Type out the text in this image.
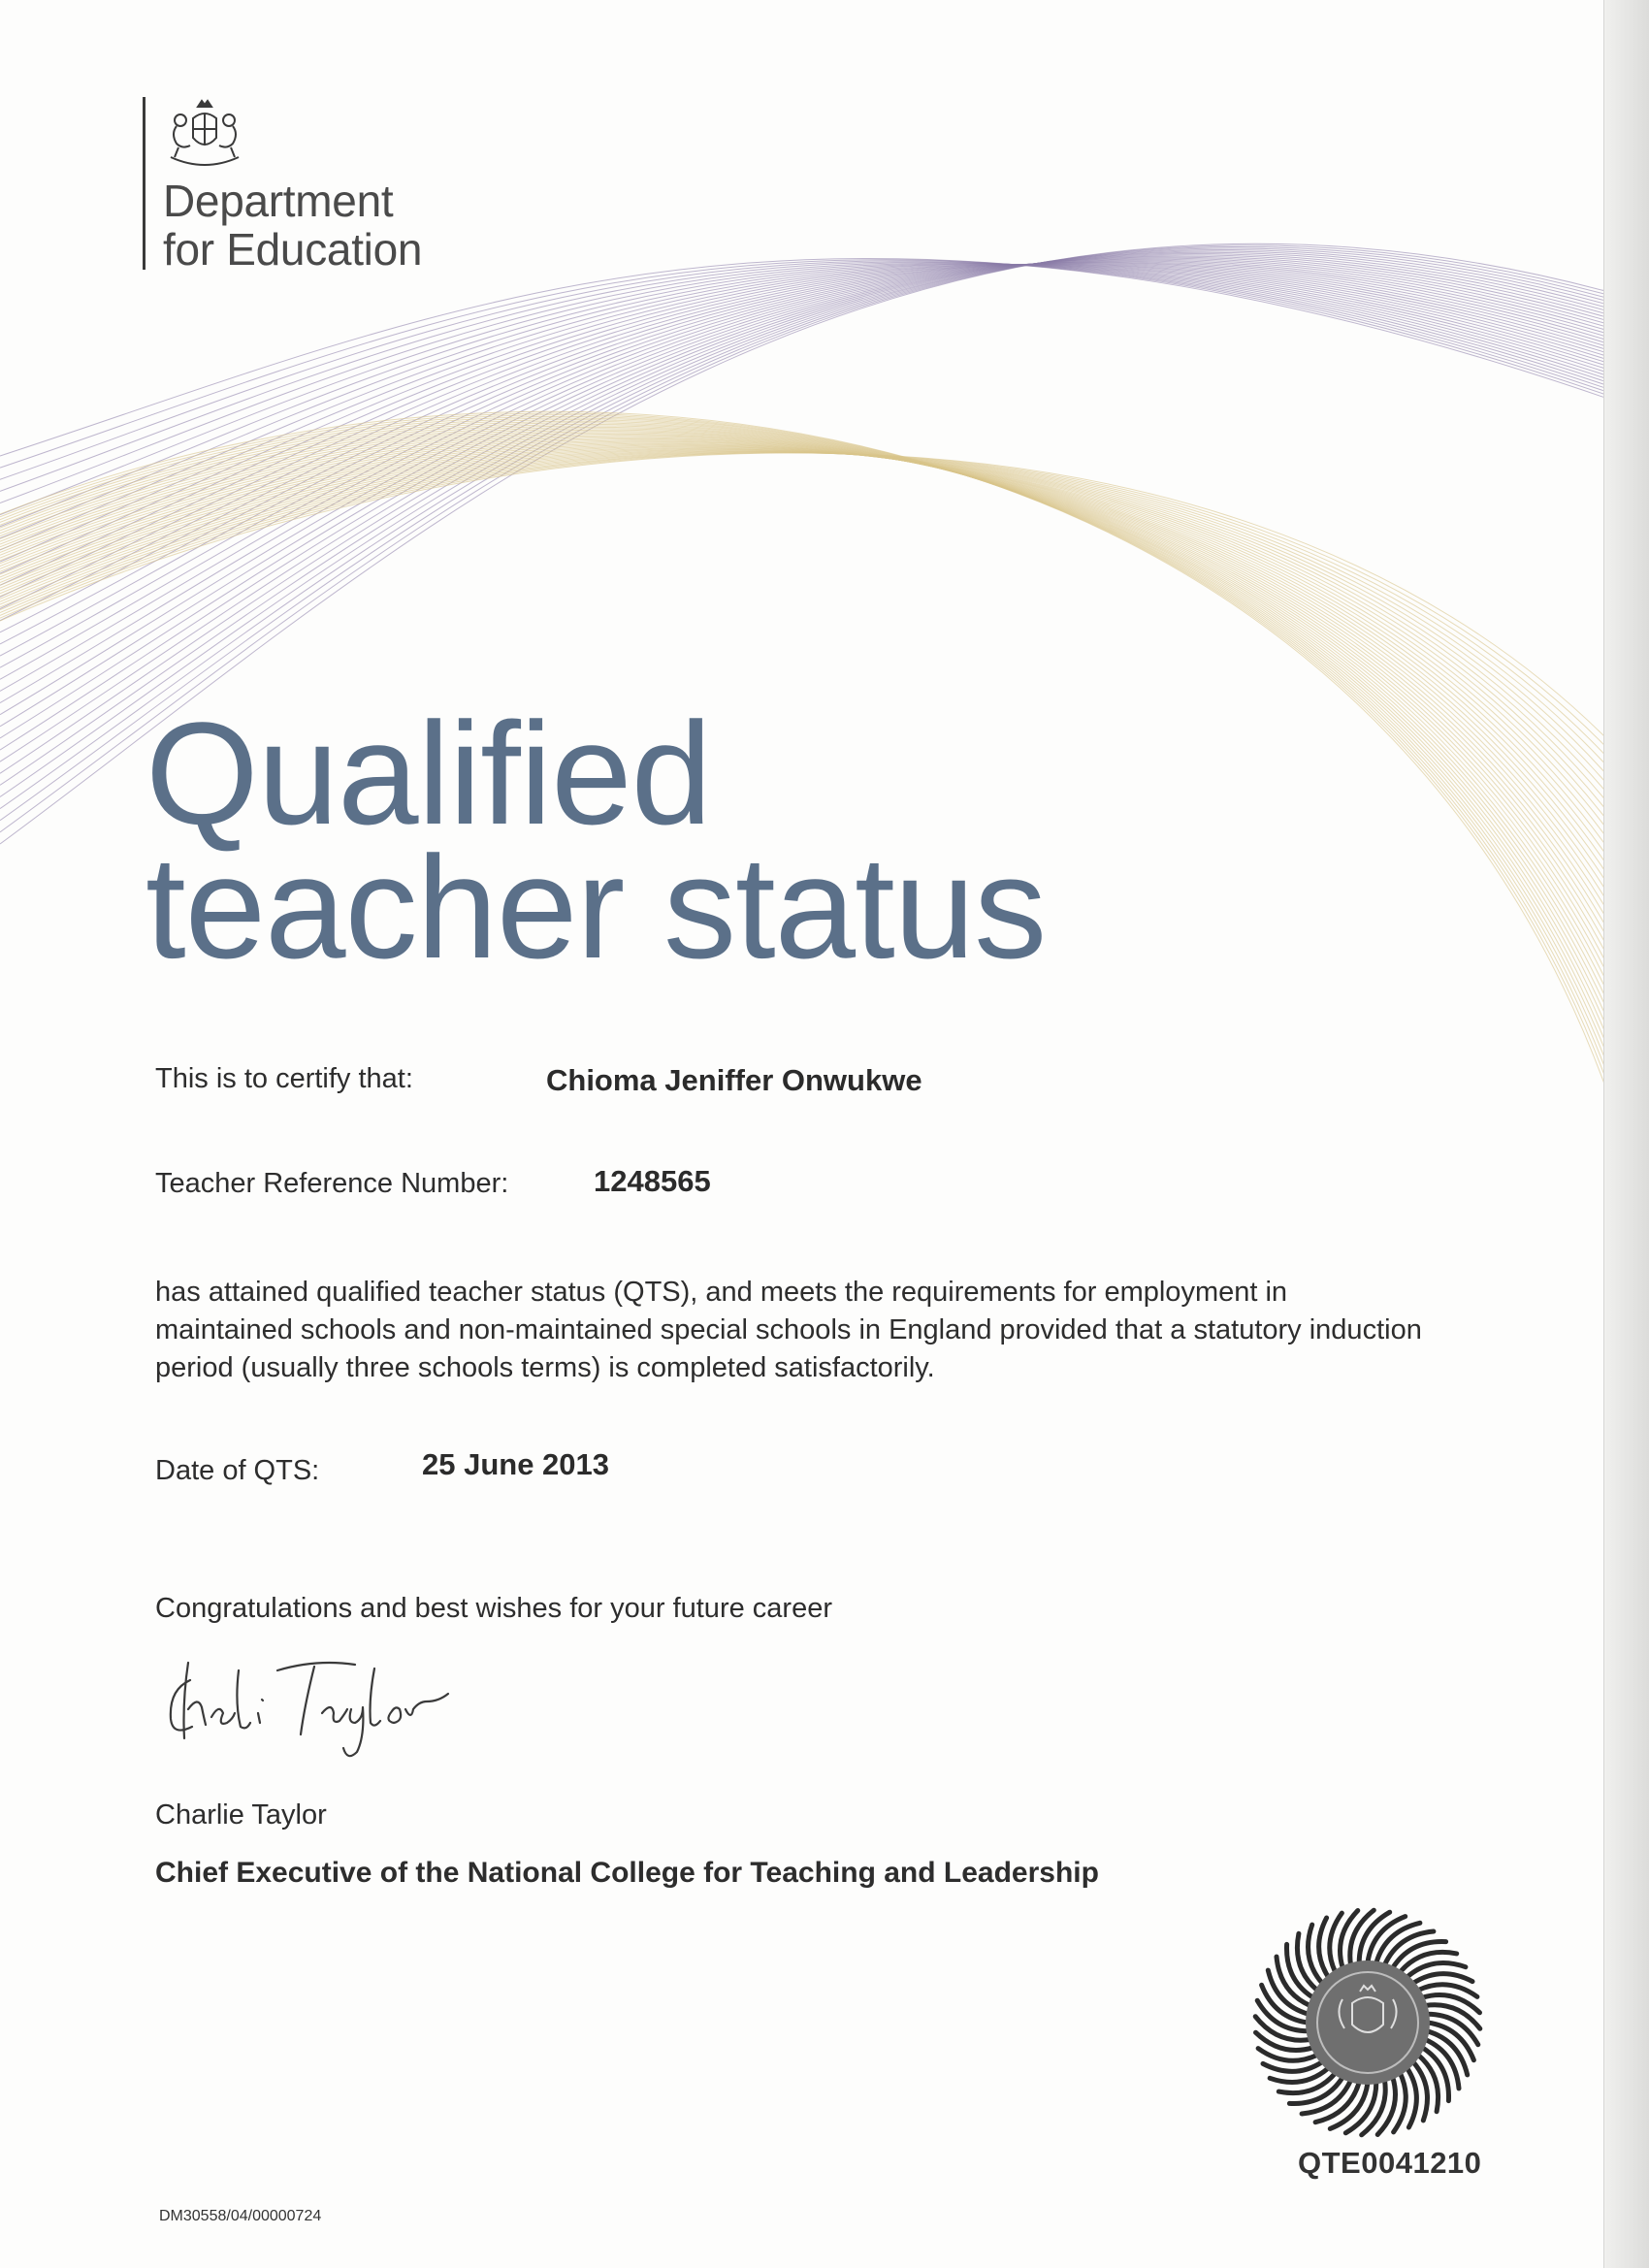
Department
for Education
Qualified
teacher status
This is to certify that:	Chioma Jeniffer Onwukwe
Teacher Reference Number:	1248565
has attained qualified teacher status (QTS), and meets the requirements for employment in maintained schools and non-maintained special schools in England provided that a statutory induction period (usually three schools terms) is completed satisfactorily.
Date of QTS:	25 June 2013
Congratulations and best wishes for your future career
Charlie Taylor
Chief Executive of the National College for Teaching and Leadership
QTE0041210
DM30558/04/00000724
